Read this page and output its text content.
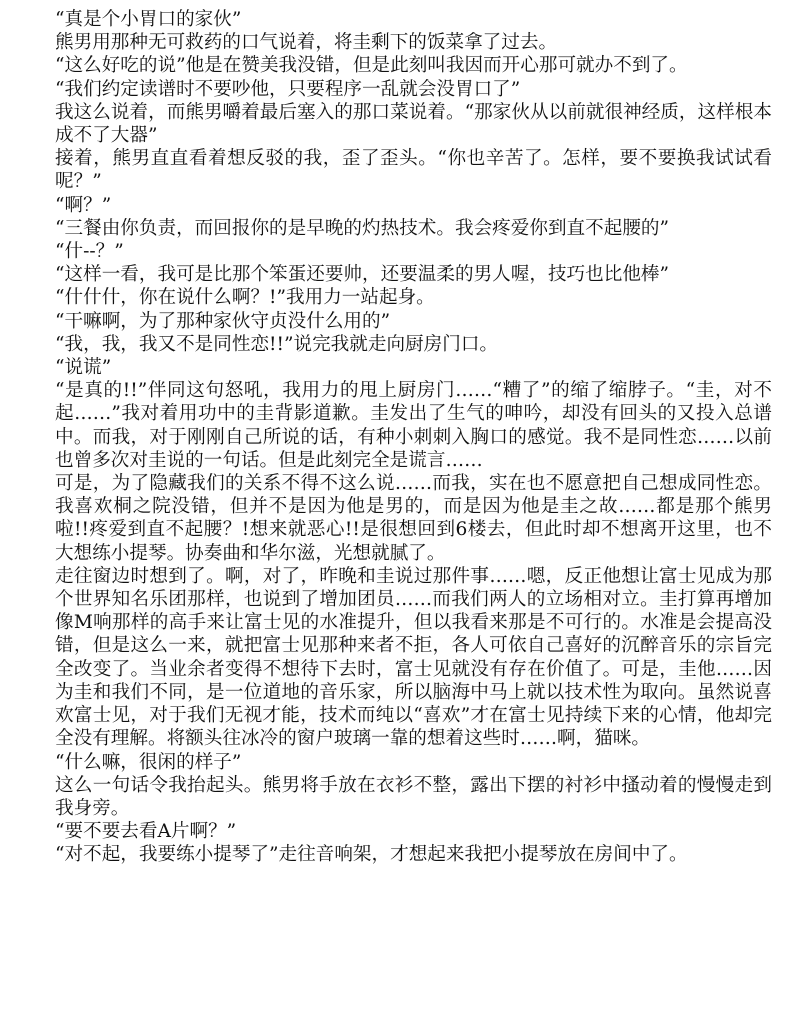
“真是个小胃口的家伙”

熊男用那种无可救药的口气说着，将圭剩下的饭菜拿了过去。

“这么好吃的说”他是在赞美我没错，但是此刻叫我因而开心那可就办不到了。

“我们约定读谱时不要吵他，只要程序一乱就会没胃口了”

我这么说着，而熊男嚼着最后塞入的那口菜说着。“那家伙从以前就很神经质，这样根本成不了大器”

接着，熊男直直看着想反驳的我，歪了歪头。“你也辛苦了。怎样，要不要换我试试看呢？”

“啊？”

“三餐由你负责，而回报你的是早晚的灼热技术。我会疼爱你到直不起腰的”

“什--？”

“这样一看，我可是比那个笨蛋还要帅，还要温柔的男人喔，技巧也比他棒”

“什什什，你在说什么啊？!”我用力一站起身。

“干嘛啊，为了那种家伙守贞没什么用的”

“我，我，我又不是同性恋!!”说完我就走向厨房门口。

“说谎”

“是真的!!”伴同这句怒吼，我用力的甩上厨房门……“糟了”的缩了缩脖子。“圭，对不起……”我对着用功中的圭背影道歉。圭发出了生气的呻吟，却没有回头的又投入总谱中。而我，对于刚刚自己所说的话，有种小刺刺入胸口的感觉。我不是同性恋……以前也曾多次对圭说的一句话。但是此刻完全是谎言……

可是，为了隐藏我们的关系不得不这么说……而我，实在也不愿意把自己想成同性恋。我喜欢桐之院没错，但并不是因为他是男的，而是因为他是圭之故……都是那个熊男啦!!疼爱到直不起腰？!想来就恶心!!是很想回到6楼去，但此时却不想离开这里，也不大想练小提琴。协奏曲和华尔滋，光想就腻了。

走往窗边时想到了。啊，对了，昨晚和圭说过那件事……嗯，反正他想让富士见成为那个世界知名乐团那样，也说到了增加团员……而我们两人的立场相对立。圭打算再增加像M响那样的高手来让富士见的水准提升，但以我看来那是不可行的。水准是会提高没错，但是这么一来，就把富士见那种来者不拒，各人可依自己喜好的沉醉音乐的宗旨完全改变了。当业余者变得不想待下去时，富士见就没有存在价值了。可是，圭他……因为圭和我们不同，是一位道地的音乐家，所以脑海中马上就以技术性为取向。虽然说喜欢富士见，对于我们无视才能，技术而纯以“喜欢”才在富士见持续下来的心情，他却完全没有理解。将额头往冰冷的窗户玻璃一靠的想着这些时……啊，猫咪。

“什么嘛，很闲的样子”

这么一句话令我抬起头。熊男将手放在衣衫不整，露出下摆的衬衫中搔动着的慢慢走到我身旁。

“要不要去看A片啊？”

“对不起，我要练小提琴了”走往音响架，才想起来我把小提琴放在房间中了。
